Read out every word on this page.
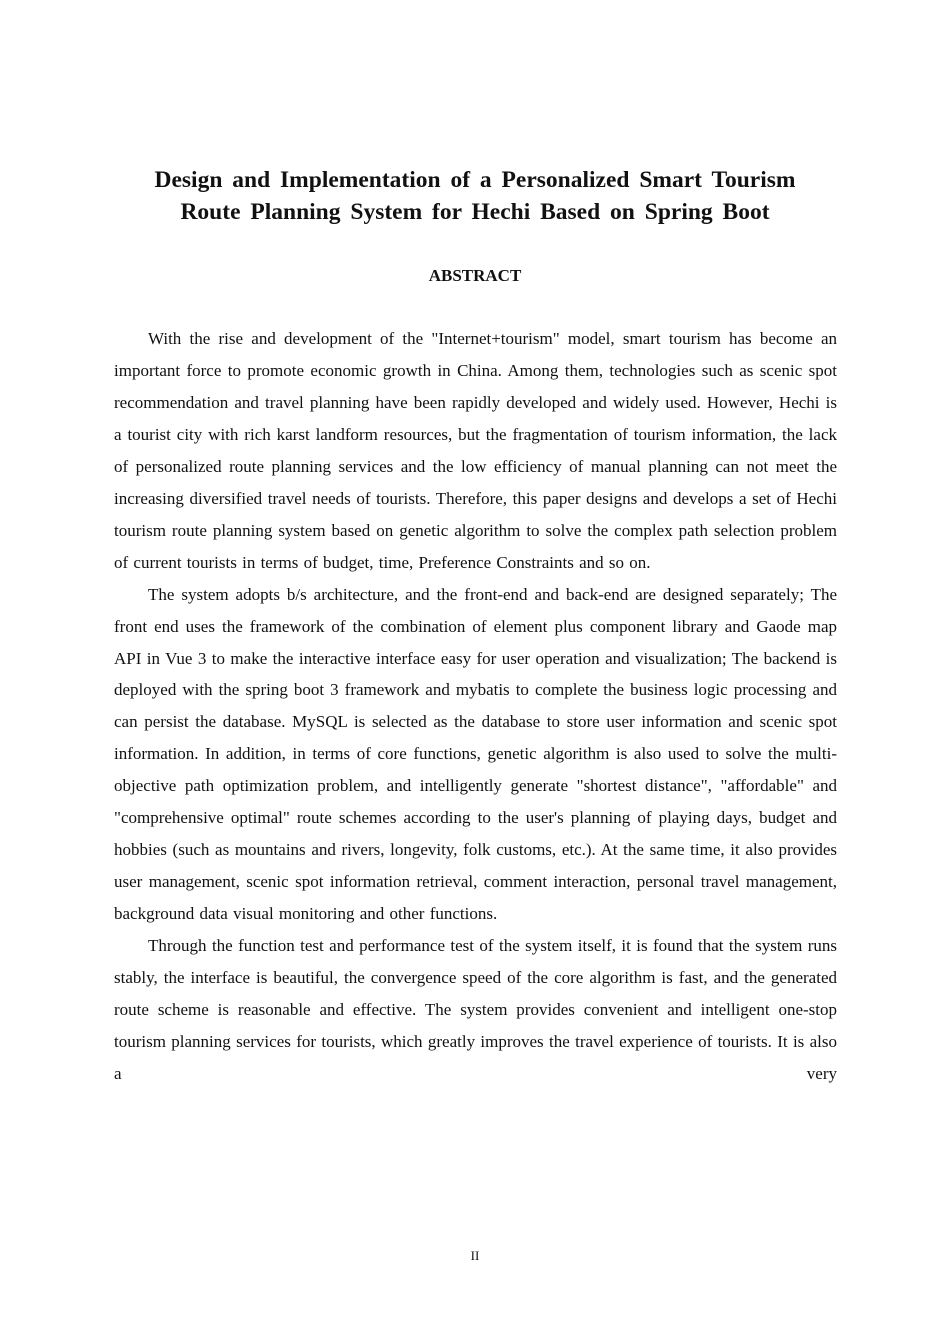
Design and Implementation of a Personalized Smart Tourism
Route Planning System for Hechi Based on Spring Boot
ABSTRACT

With the rise and development of the "Internet+tourism" model, smart tourism has become an important force to promote economic growth in China. Among them, technologies such as scenic spot recommendation and travel planning have been rapidly developed and widely used. However, Hechi is a tourist city with rich karst landform resources, but the fragmentation of tourism information, the lack of personalized route planning services and the low efficiency of manual planning can not meet the increasing diversified travel needs of tourists. Therefore, this paper designs and develops a set of Hechi tourism route planning system based on genetic algorithm to solve the complex path selection problem of current tourists in terms of budget, time, Preference Constraints and so on.

The system adopts b/s architecture, and the front-end and back-end are designed separately; The front end uses the framework of the combination of element plus component library and Gaode map API in Vue 3 to make the interactive interface easy for user operation and visualization; The backend is deployed with the spring boot 3 framework and mybatis to complete the business logic processing and can persist the database. MySQL is selected as the database to store user information and scenic spot information. In addition, in terms of core functions, genetic algorithm is also used to solve the multi-objective path optimization problem, and intelligently generate "shortest distance", "affordable" and "comprehensive optimal" route schemes according to the user's planning of playing days, budget and hobbies (such as mountains and rivers, longevity, folk customs, etc.). At the same time, it also provides user management, scenic spot information retrieval, comment interaction, personal travel management, background data visual monitoring and other functions.

Through the function test and performance test of the system itself, it is found that the system runs stably, the interface is beautiful, the convergence speed of the core algorithm is fast, and the generated route scheme is reasonable and effective. The system provides convenient and intelligent one-stop tourism planning services for tourists, which greatly improves the travel experience of tourists. It is also a very

II
